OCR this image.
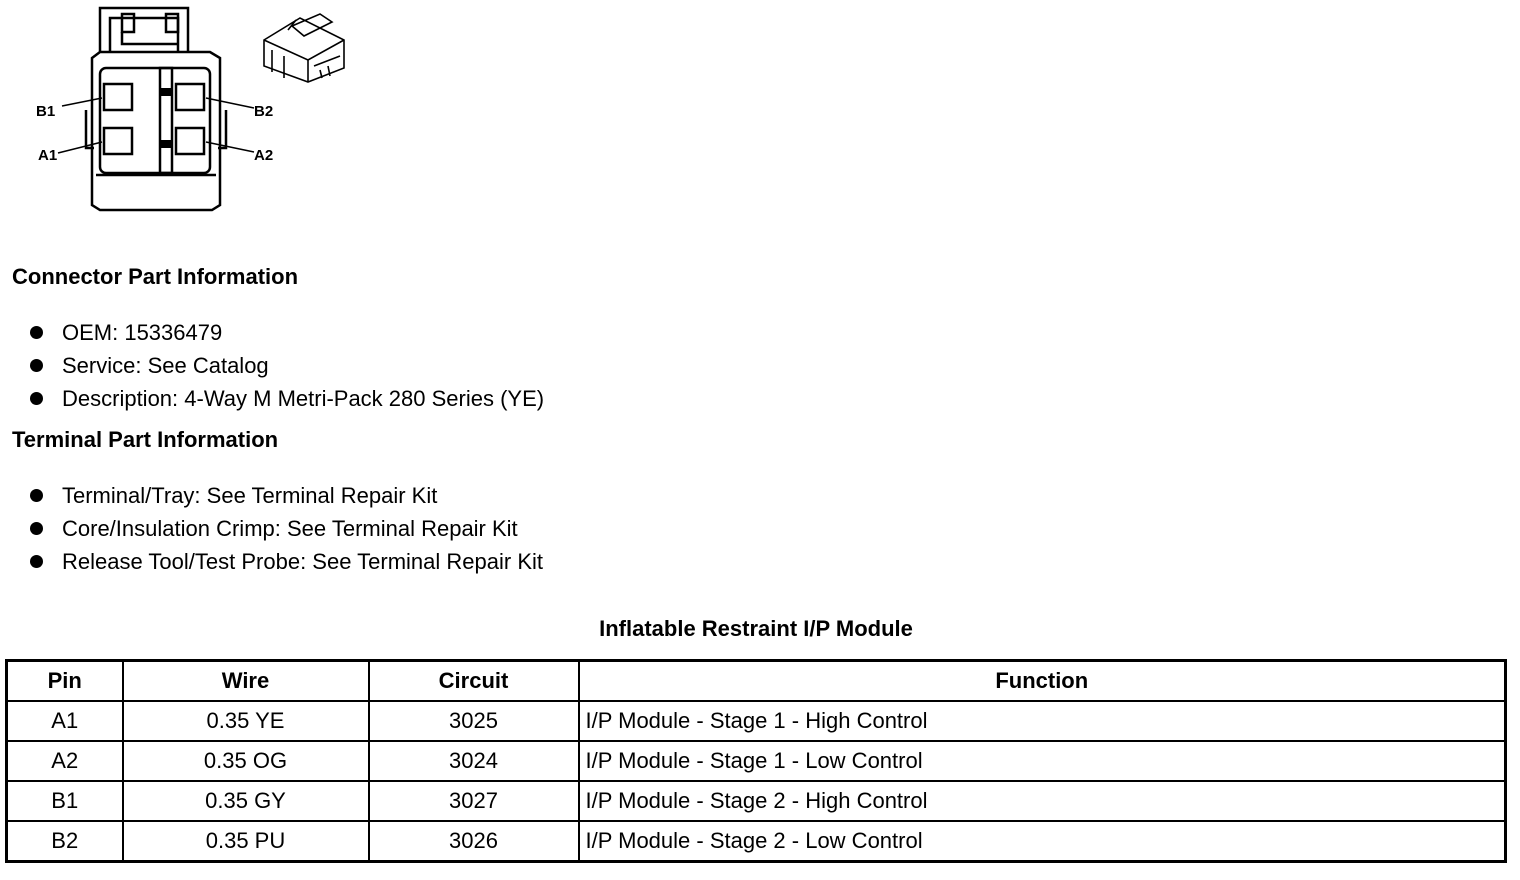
B1	B2
A1	A2
Connector Part Information
OEM: 15336479
Service: See Catalog
Description: 4-Way M Metri-Pack 280 Series (YE)
Terminal Part Information
Terminal/Tray: See Terminal Repair Kit
Core/Insulation Crimp: See Terminal Repair Kit
Release Tool/Test Probe: See Terminal Repair Kit
Inflatable Restraint I/P Module
Pin	Wire	Circuit	Function
A1	0.35 YE	3025	I/P Module - Stage 1 - High Control
A2	0.35 OG	3024	I/P Module - Stage 1 - Low Control
B1	0.35 GY	3027	I/P Module - Stage 2 - High Control
B2	0.35 PU	3026	I/P Module - Stage 2 - Low Control
